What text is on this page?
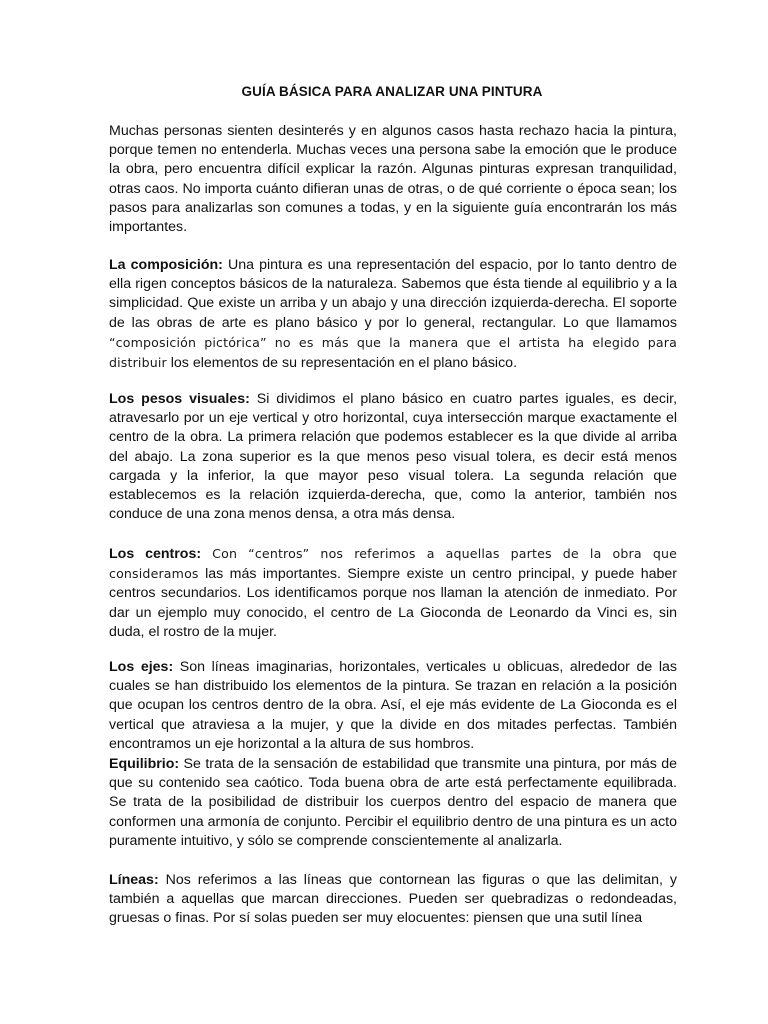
GUÍA BÁSICA PARA ANALIZAR UNA PINTURA

Muchas personas sienten desinterés y en algunos casos hasta rechazo hacia la pintura, porque temen no entenderla. Muchas veces una persona sabe la emoción que le produce la obra, pero encuentra difícil explicar la razón. Algunas pinturas expresan tranquilidad, otras caos. No importa cuánto difieran unas de otras, o de qué corriente o época sean; los pasos para analizarlas son comunes a todas, y en la siguiente guía encontrarán los más importantes.

La composición: Una pintura es una representación del espacio, por lo tanto dentro de ella rigen conceptos básicos de la naturaleza. Sabemos que ésta tiende al equilibrio y a la simplicidad. Que existe un arriba y un abajo y una dirección izquierda-derecha. El soporte de las obras de arte es plano básico y por lo general, rectangular. Lo que llamamos “composición pictórica” no es más que la manera que el artista ha elegido para distribuir los elementos de su representación en el plano básico.

Los pesos visuales: Si dividimos el plano básico en cuatro partes iguales, es decir, atravesarlo por un eje vertical y otro horizontal, cuya intersección marque exactamente el centro de la obra. La primera relación que podemos establecer es la que divide al arriba del abajo. La zona superior es la que menos peso visual tolera, es decir está menos cargada y la inferior, la que mayor peso visual tolera. La segunda relación que establecemos es la relación izquierda-derecha, que, como la anterior, también nos conduce de una zona menos densa, a otra más densa.

Los centros: Con “centros” nos referimos a aquellas partes de la obra que consideramos las más importantes. Siempre existe un centro principal, y puede haber centros secundarios. Los identificamos porque nos llaman la atención de inmediato. Por dar un ejemplo muy conocido, el centro de La Gioconda de Leonardo da Vinci es, sin duda, el rostro de la mujer.

Los ejes: Son líneas imaginarias, horizontales, verticales u oblicuas, alrededor de las cuales se han distribuido los elementos de la pintura. Se trazan en relación a la posición que ocupan los centros dentro de la obra. Así, el eje más evidente de La Gioconda es el vertical que atraviesa a la mujer, y que la divide en dos mitades perfectas. También encontramos un eje horizontal a la altura de sus hombros.

Equilibrio: Se trata de la sensación de estabilidad que transmite una pintura, por más de que su contenido sea caótico. Toda buena obra de arte está perfectamente equilibrada. Se trata de la posibilidad de distribuir los cuerpos dentro del espacio de manera que conformen una armonía de conjunto. Percibir el equilibrio dentro de una pintura es un acto puramente intuitivo, y sólo se comprende conscientemente al analizarla.

Líneas: Nos referimos a las líneas que contornean las figuras o que las delimitan, y también a aquellas que marcan direcciones. Pueden ser quebradizas o redondeadas, gruesas o finas. Por sí solas pueden ser muy elocuentes: piensen que una sutil línea
